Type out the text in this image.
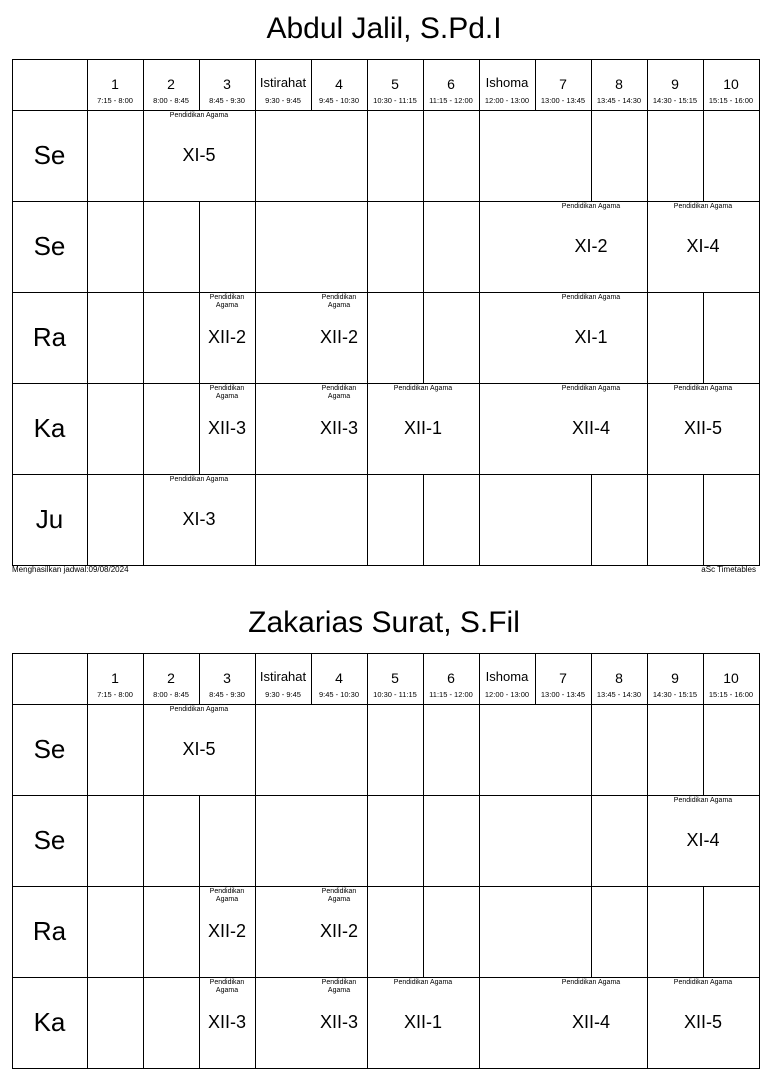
Abdul Jalil, S.Pd.I
1
7:15 - 8:00
2
8:00 - 8:45
3
8:45 - 9:30
Istirahat
9:30 - 9:45
4
9:45 - 10:30
5
10:30 - 11:15
6
11:15 - 12:00
Ishoma
12:00 - 13:00
7
13:00 - 13:45
8
13:45 - 14:30
9
14:30 - 15:15
10
15:15 - 16:00
Se
Se
Ra
Ka
Ju
Pendidikan Agama
XI-5
Pendidikan Agama
XI-2
Pendidikan Agama
XI-4
Pendidikan Agama
XII-2
Pendidikan Agama
XII-2
Pendidikan Agama
XI-1
Pendidikan Agama
XII-3
Pendidikan Agama
XII-3
Pendidikan Agama
XII-1
Pendidikan Agama
XII-4
Pendidikan Agama
XII-5
Pendidikan Agama
XI-3
Menghasilkan jadwal:09/08/2024	aSc Timetables
Zakarias Surat, S.Fil
1
7:15 - 8:00
2
8:00 - 8:45
3
8:45 - 9:30
Istirahat
9:30 - 9:45
4
9:45 - 10:30
5
10:30 - 11:15
6
11:15 - 12:00
Ishoma
12:00 - 13:00
7
13:00 - 13:45
8
13:45 - 14:30
9
14:30 - 15:15
10
15:15 - 16:00
Se
Se
Ra
Ka
Pendidikan Agama
XI-5
Pendidikan Agama
XI-4
Pendidikan Agama
XII-2
Pendidikan Agama
XII-2
Pendidikan Agama
XII-3
Pendidikan Agama
XII-3
Pendidikan Agama
XII-1
Pendidikan Agama
XII-4
Pendidikan Agama
XII-5
